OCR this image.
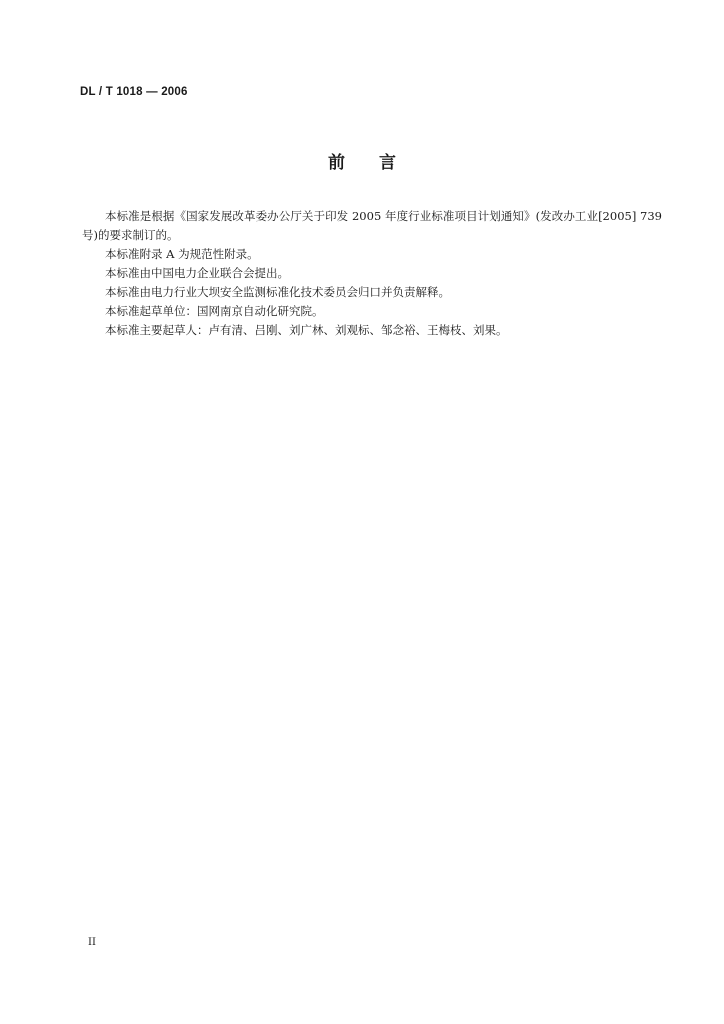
DL / T 1018 — 2006
前 言

本标准是根据《国家发展改革委办公厅关于印发 2005 年度行业标准项目计划通知》(发改办工业[2005] 739号)的要求制订的。

本标准附录 A 为规范性附录。

本标准由中国电力企业联合会提出。

本标准由电力行业大坝安全监测标准化技术委员会归口并负责解释。

本标准起草单位：国网南京自动化研究院。

本标准主要起草人：卢有清、吕刚、刘广林、刘观标、邹念裕、王梅枝、刘果。

II
